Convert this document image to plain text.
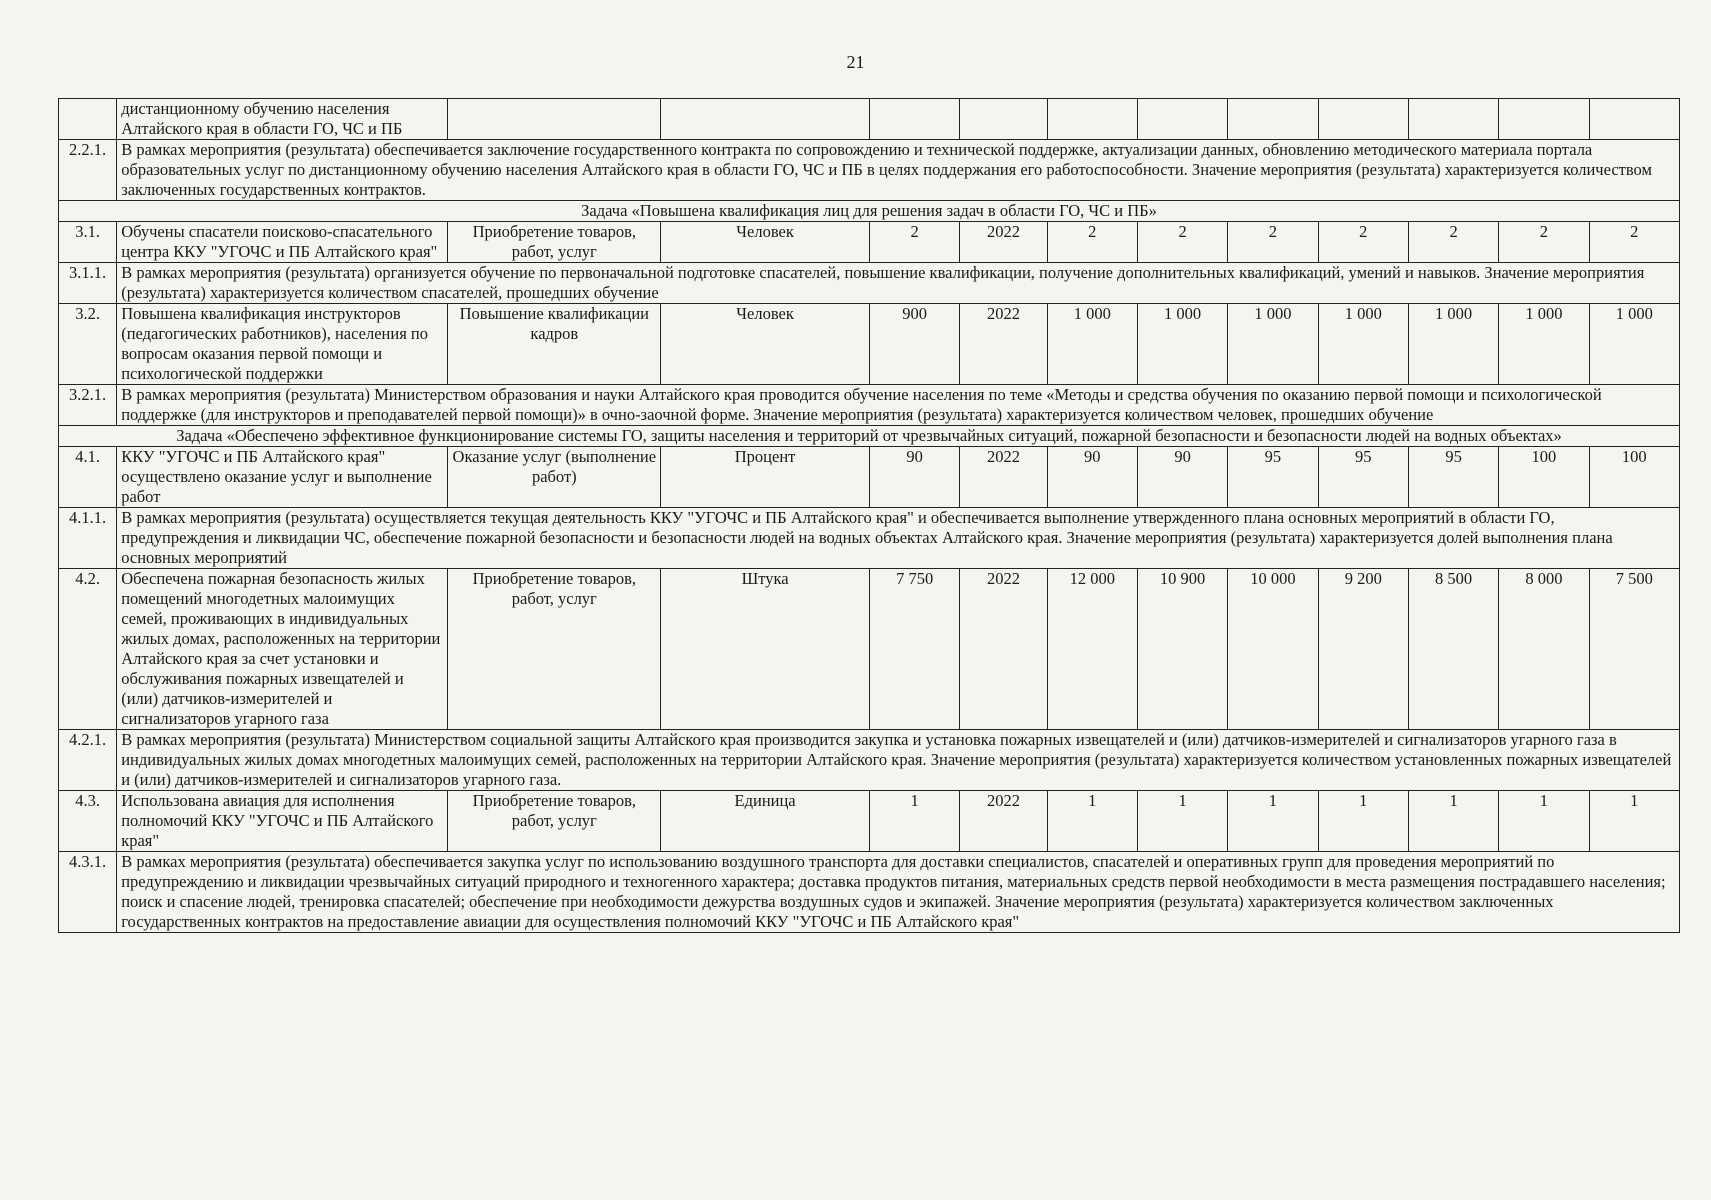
21
	дистанционному обучению населения Алтайского края в области ГО, ЧС и ПБ											
2.2.1.	В рамках мероприятия (результата) обеспечивается заключение государственного контракта по сопровождению и технической поддержке, актуализации данных, обновлению методического материала портала образовательных услуг по дистанционному обучению населения Алтайского края в области ГО, ЧС и ПБ в целях поддержания его работоспособности. Значение мероприятия (результата) характеризуется количеством заключенных государственных контрактов.											
Задача «Повышена квалификация лиц для решения задач в области ГО, ЧС и ПБ»												
3.1.	Обучены спасатели поисково-спасательного центра ККУ "УГОЧС и ПБ Алтайского края"	Приобретение товаров, работ, услуг	Человек	2	2022	2	2	2	2	2	2	2
3.1.1.	В рамках мероприятия (результата) организуется обучение по первоначальной подготовке спасателей, повышение квалификации, получение дополнительных квалификаций, умений и навыков. Значение мероприятия (результата) характеризуется количеством спасателей, прошедших обучение											
3.2.	Повышена квалификация инструкторов (педагогических работников), населения по вопросам оказания первой помощи и психологической поддержки	Повышение квалификации кадров	Человек	900	2022	1 000	1 000	1 000	1 000	1 000	1 000	1 000
3.2.1.	В рамках мероприятия (результата) Министерством образования и науки Алтайского края проводится обучение населения по теме «Методы и средства обучения по оказанию первой помощи и психологической поддержке (для инструкторов и преподавателей первой помощи)» в очно-заочной форме. Значение мероприятия (результата) характеризуется количеством человек, прошедших обучение											
Задача «Обеспечено эффективное функционирование системы ГО, защиты населения и территорий от чрезвычайных ситуаций, пожарной безопасности и безопасности людей на водных объектах»												
4.1.	ККУ "УГОЧС и ПБ Алтайского края" осуществлено оказание услуг и выполнение работ	Оказание услуг (выполнение работ)	Процент	90	2022	90	90	95	95	95	100	100
4.1.1.	В рамках мероприятия (результата) осуществляется текущая деятельность ККУ "УГОЧС и ПБ Алтайского края" и обеспечивается выполнение утвержденного плана основных мероприятий в области ГО, предупреждения и ликвидации ЧС, обеспечение пожарной безопасности и безопасности людей на водных объектах Алтайского края. Значение мероприятия (результата) характеризуется долей выполнения плана основных мероприятий											
4.2.	Обеспечена пожарная безопасность жилых помещений многодетных малоимущих семей, проживающих в индивидуальных жилых домах, расположенных на территории Алтайского края за счет установки и обслуживания пожарных извещателей и (или) датчиков-измерителей и сигнализаторов угарного газа	Приобретение товаров, работ, услуг	Штука	7 750	2022	12 000	10 900	10 000	9 200	8 500	8 000	7 500
4.2.1.	В рамках мероприятия (результата) Министерством социальной защиты Алтайского края производится закупка и установка пожарных извещателей и (или) датчиков-измерителей и сигнализаторов угарного газа в индивидуальных жилых домах многодетных малоимущих семей, расположенных на территории Алтайского края. Значение мероприятия (результата) характеризуется количеством установленных пожарных извещателей и (или) датчиков-измерителей и сигнализаторов угарного газа.											
4.3.	Использована авиация для исполнения полномочий ККУ "УГОЧС и ПБ Алтайского края"	Приобретение товаров, работ, услуг	Единица	1	2022	1	1	1	1	1	1	1
4.3.1.	В рамках мероприятия (результата) обеспечивается закупка услуг по использованию воздушного транспорта для доставки специалистов, спасателей и оперативных групп для проведения мероприятий по предупреждению и ликвидации чрезвычайных ситуаций природного и техногенного характера; доставка продуктов питания, материальных средств первой необходимости в места размещения пострадавшего населения; поиск и спасение людей, тренировка спасателей; обеспечение при необходимости дежурства воздушных судов и экипажей. Значение мероприятия (результата) характеризуется количеством заключенных государственных контрактов на предоставление авиации для осуществления полномочий ККУ "УГОЧС и ПБ Алтайского края"											
